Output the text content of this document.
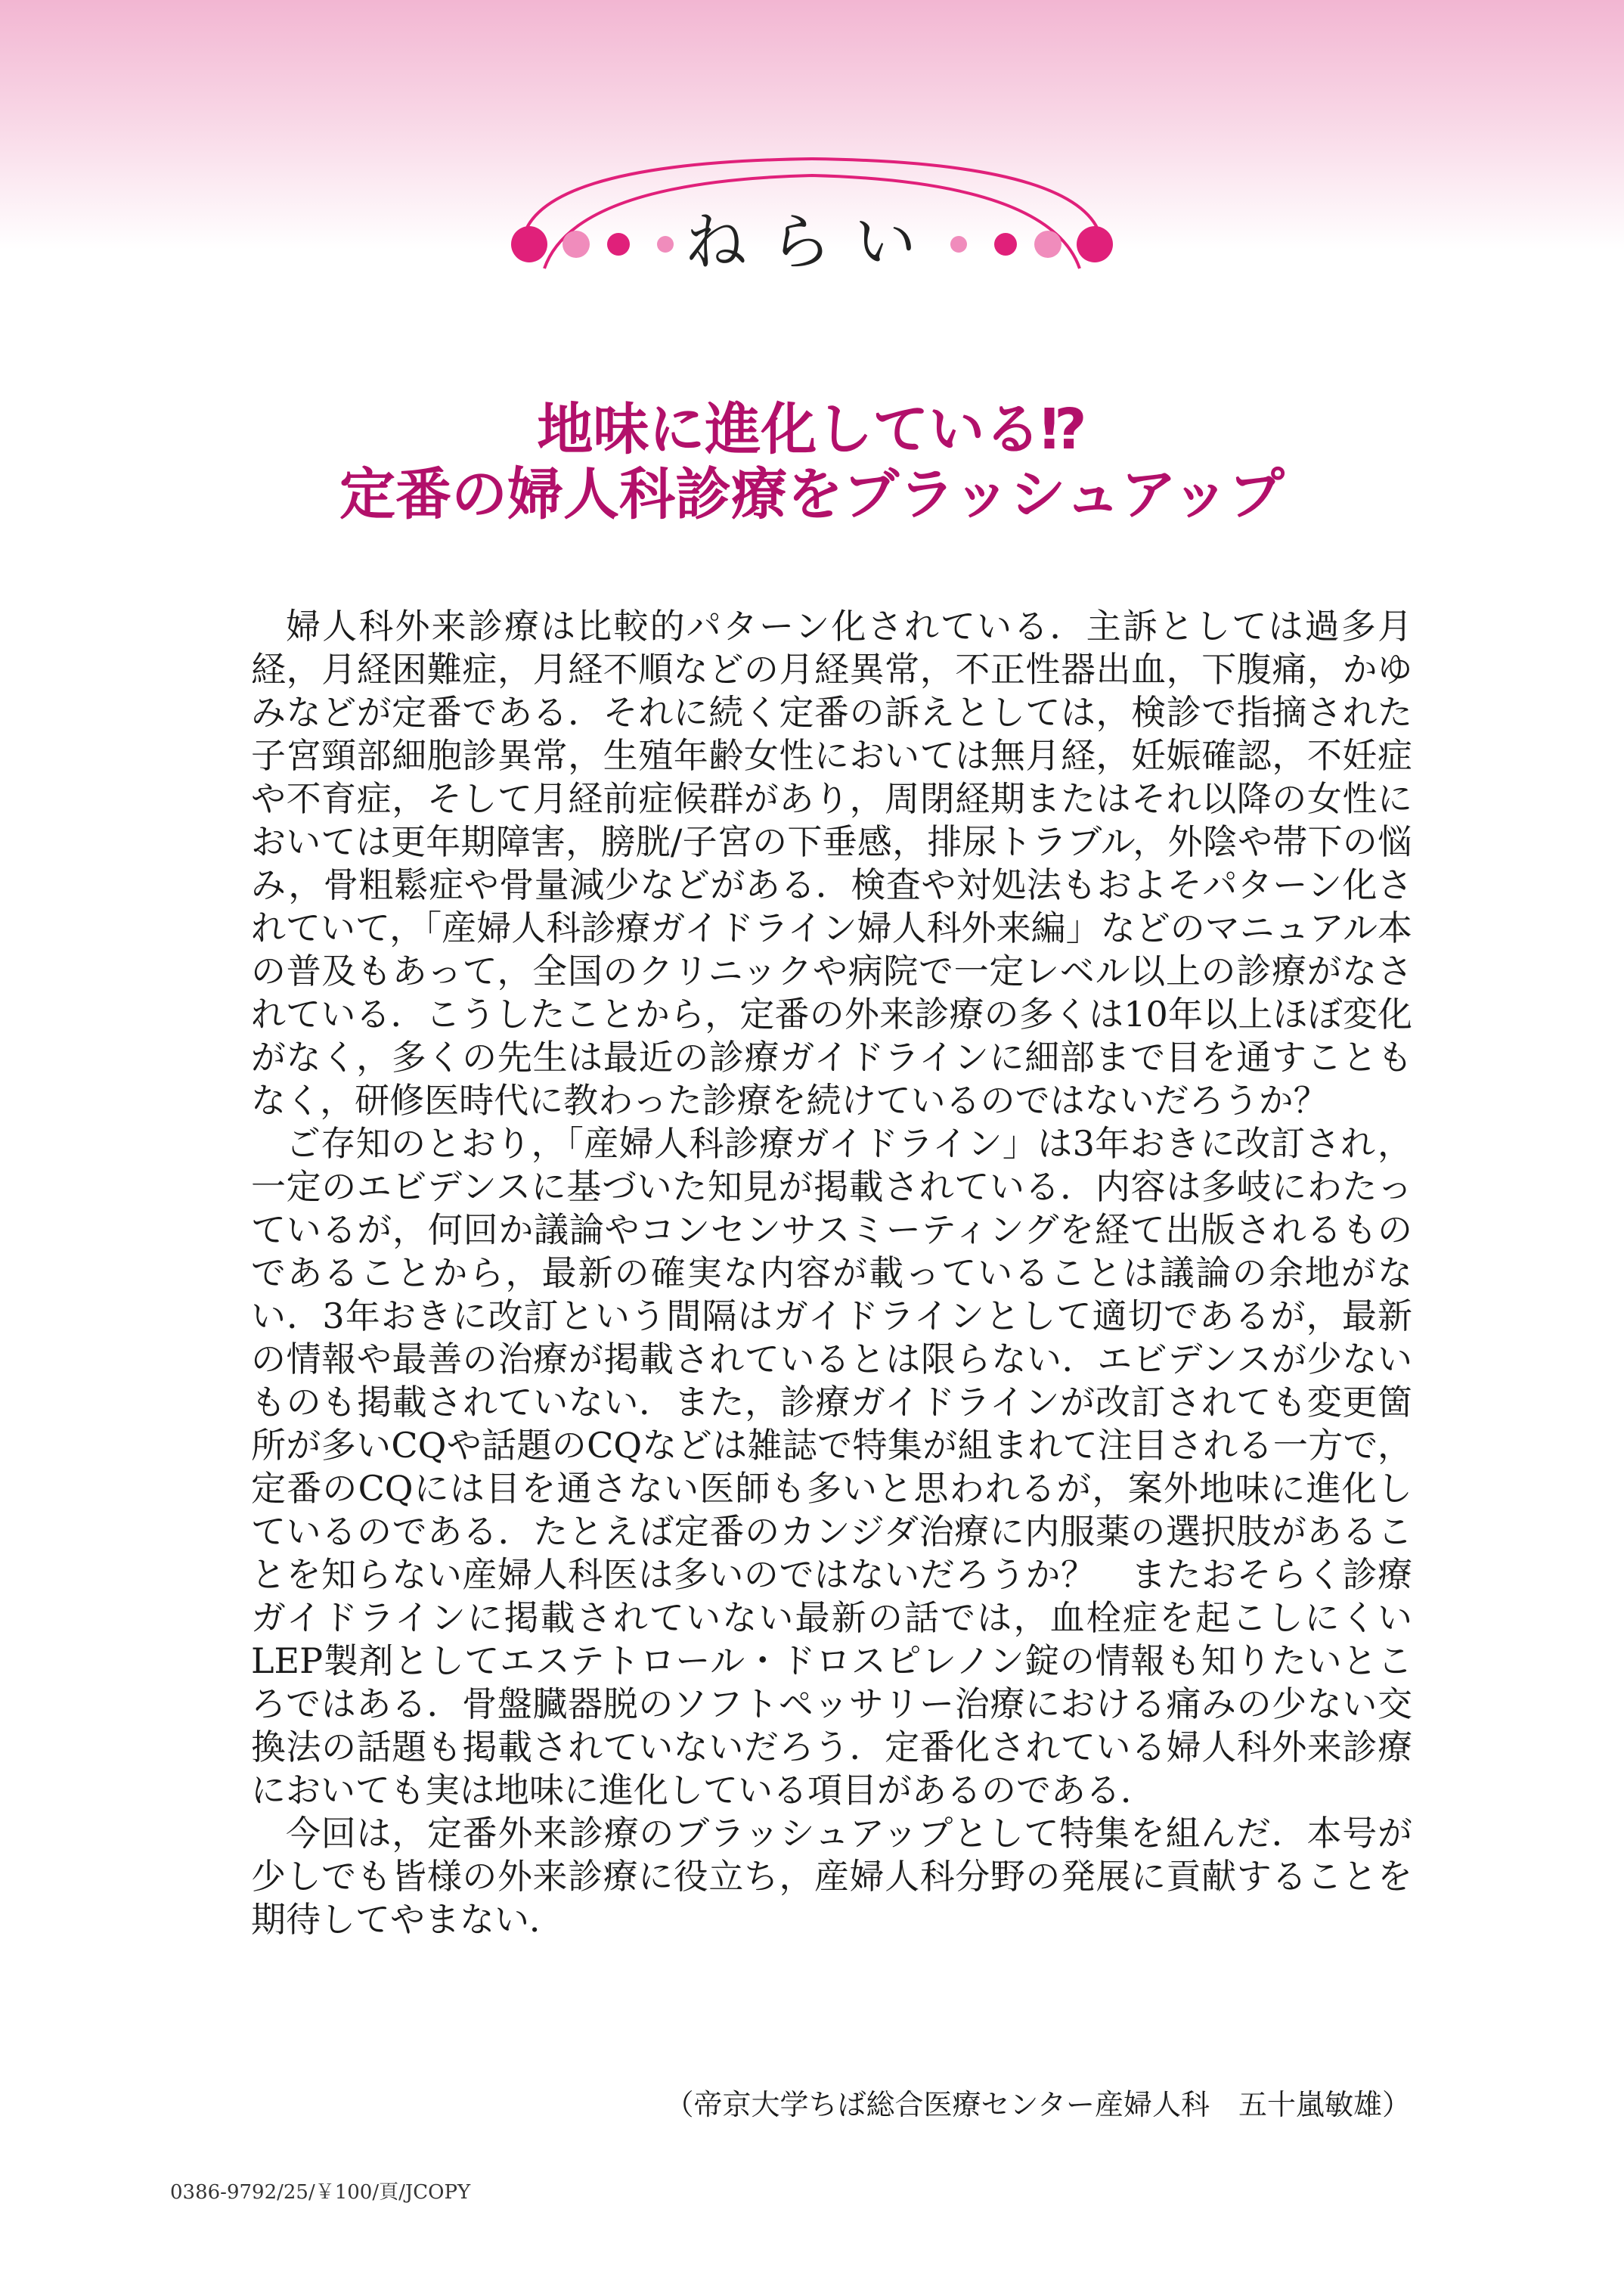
ねらい
地味に進化している⁉
定番の婦人科診療をブラッシュアップ

婦人科外来診療は比較的パターン化されている．主訴としては過多月経，月経困難症，月経不順などの月経異常，不正性器出血，下腹痛，かゆみなどが定番である．それに続く定番の訴えとしては，検診で指摘された子宮頸部細胞診異常，生殖年齢女性においては無月経，妊娠確認，不妊症や不育症，そして月経前症候群があり，周閉経期またはそれ以降の女性においては更年期障害，膀胱/子宮の下垂感，排尿トラブル，外陰や帯下の悩み，骨粗鬆症や骨量減少などがある．検査や対処法もおよそパターン化されていて，「産婦人科診療ガイドライン婦人科外来編」などのマニュアル本の普及もあって，全国のクリニックや病院で一定レベル以上の診療がなされている．こうしたことから，定番の外来診療の多くは10年以上ほぼ変化がなく，多くの先生は最近の診療ガイドラインに細部まで目を通すこともなく，研修医時代に教わった診療を続けているのではないだろうか？

ご存知のとおり，「産婦人科診療ガイドライン」は3年おきに改訂され，一定のエビデンスに基づいた知見が掲載されている．内容は多岐にわたっているが，何回か議論やコンセンサスミーティングを経て出版されるものであることから，最新の確実な内容が載っていることは議論の余地がない．3年おきに改訂という間隔はガイドラインとして適切であるが，最新の情報や最善の治療が掲載されているとは限らない．エビデンスが少ないものも掲載されていない．また，診療ガイドラインが改訂されても変更箇所が多いCQや話題のCQなどは雑誌で特集が組まれて注目される一方で，定番のCQには目を通さない医師も多いと思われるが，案外地味に進化しているのである．たとえば定番のカンジダ治療に内服薬の選択肢があることを知らない産婦人科医は多いのではないだろうか？　またおそらく診療ガイドラインに掲載されていない最新の話では，血栓症を起こしにくいLEP製剤としてエステトロール・ドロスピレノン錠の情報も知りたいところではある．骨盤臓器脱のソフトペッサリー治療における痛みの少ない交換法の話題も掲載されていないだろう．定番化されている婦人科外来診療においても実は地味に進化している項目があるのである．

今回は，定番外来診療のブラッシュアップとして特集を組んだ．本号が少しでも皆様の外来診療に役立ち，産婦人科分野の発展に貢献することを期待してやまない．

（帝京大学ちば総合医療センター産婦人科　五十嵐敏雄）
0386-9792/25/￥100/頁/JCOPY
